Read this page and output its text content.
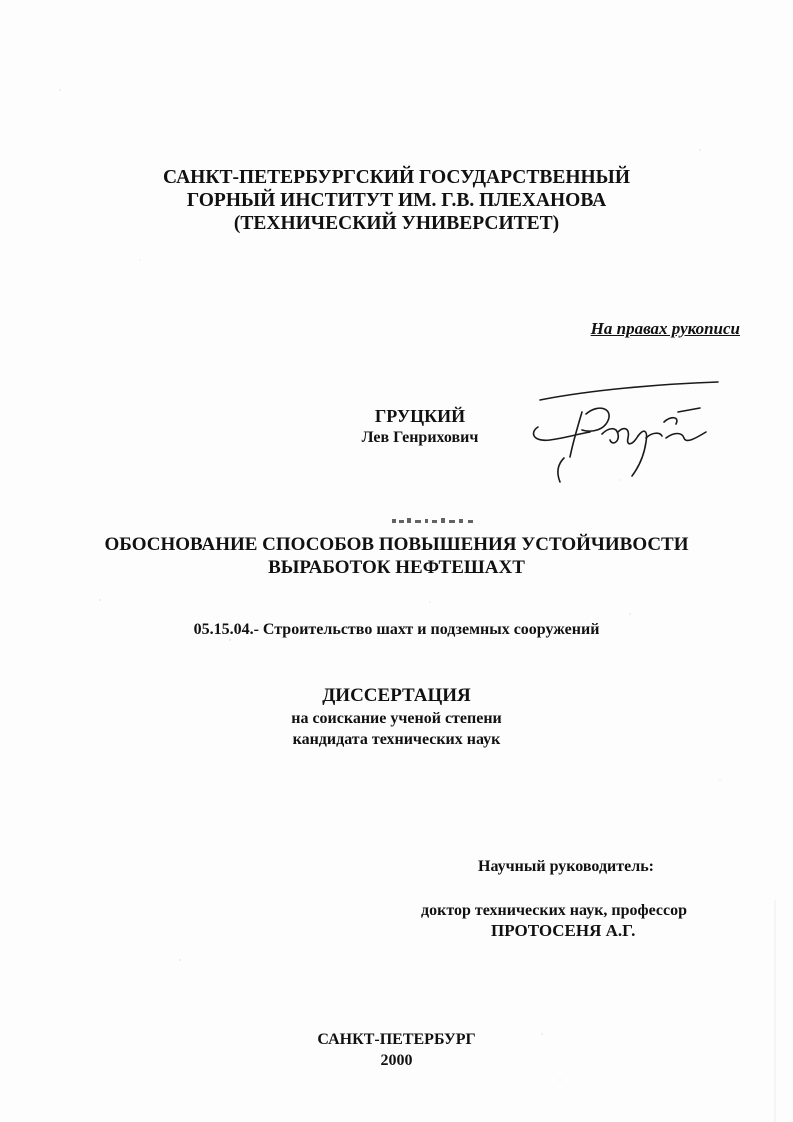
САНКТ-ПЕТЕРБУРГСКИЙ ГОСУДАРСТВЕННЫЙ
ГОРНЫЙ ИНСТИТУТ ИМ. Г.В. ПЛЕХАНОВА
(ТЕХНИЧЕСКИЙ УНИВЕРСИТЕТ)
На правах рукописи
ГРУЦКИЙ
Лев Генрихович
ОБОСНОВАНИЕ СПОСОБОВ ПОВЫШЕНИЯ УСТОЙЧИВОСТИ
ВЫРАБОТОК НЕФТЕШАХТ
05.15.04.- Строительство шахт и подземных сооружений
ДИССЕРТАЦИЯ
на соискание ученой степени
кандидата технических наук
Научный руководитель:
доктор технических наук, профессор
ПРОТОСЕНЯ А.Г.
САНКТ-ПЕТЕРБУРГ
2000
